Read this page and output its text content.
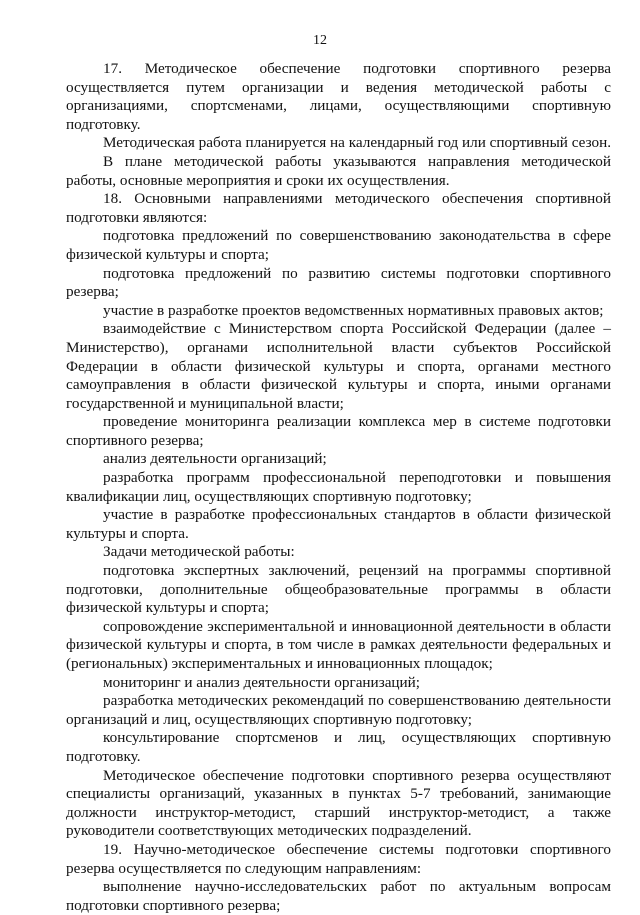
12

17. Методическое обеспечение подготовки спортивного резерва осуществляется путем организации и ведения методической работы с организациями, спортсменами, лицами, осуществляющими спортивную подготовку.

Методическая работа планируется на календарный год или спортивный сезон.

В плане методической работы указываются направления методической работы, основные мероприятия и сроки их осуществления.

18. Основными направлениями методического обеспечения спортивной подготовки являются:

подготовка предложений по совершенствованию законодательства в сфере физической культуры и спорта;

подготовка предложений по развитию системы подготовки спортивного резерва;

участие в разработке проектов ведомственных нормативных правовых актов;

взаимодействие с Министерством спорта Российской Федерации (далее – Министерство), органами исполнительной власти субъектов Российской Федерации в области физической культуры и спорта, органами местного самоуправления в области физической культуры и спорта, иными органами государственной и муниципальной власти;

проведение мониторинга реализации комплекса мер в системе подготовки спортивного резерва;

анализ деятельности организаций;

разработка программ профессиональной переподготовки и повышения квалификации лиц, осуществляющих спортивную подготовку;

участие в разработке профессиональных стандартов в области физической культуры и спорта.

Задачи методической работы:

подготовка экспертных заключений, рецензий на программы спортивной подготовки, дополнительные общеобразовательные программы в области физической культуры и спорта;

сопровождение экспериментальной и инновационной деятельности в области физической культуры и спорта, в том числе в рамках деятельности федеральных и (региональных) экспериментальных и инновационных площадок;

мониторинг и анализ деятельности организаций;

разработка методических рекомендаций по совершенствованию деятельности организаций и лиц, осуществляющих спортивную подготовку;

консультирование спортсменов и лиц, осуществляющих спортивную подготовку.

Методическое обеспечение подготовки спортивного резерва осуществляют специалисты организаций, указанных в пунктах 5-7 требований, занимающие должности инструктор-методист, старший инструктор-методист, а также руководители соответствующих методических подразделений.

19. Научно-методическое обеспечение системы подготовки спортивного резерва осуществляется по следующим направлениям:

выполнение научно-исследовательских работ по актуальным вопросам подготовки спортивного резерва;
